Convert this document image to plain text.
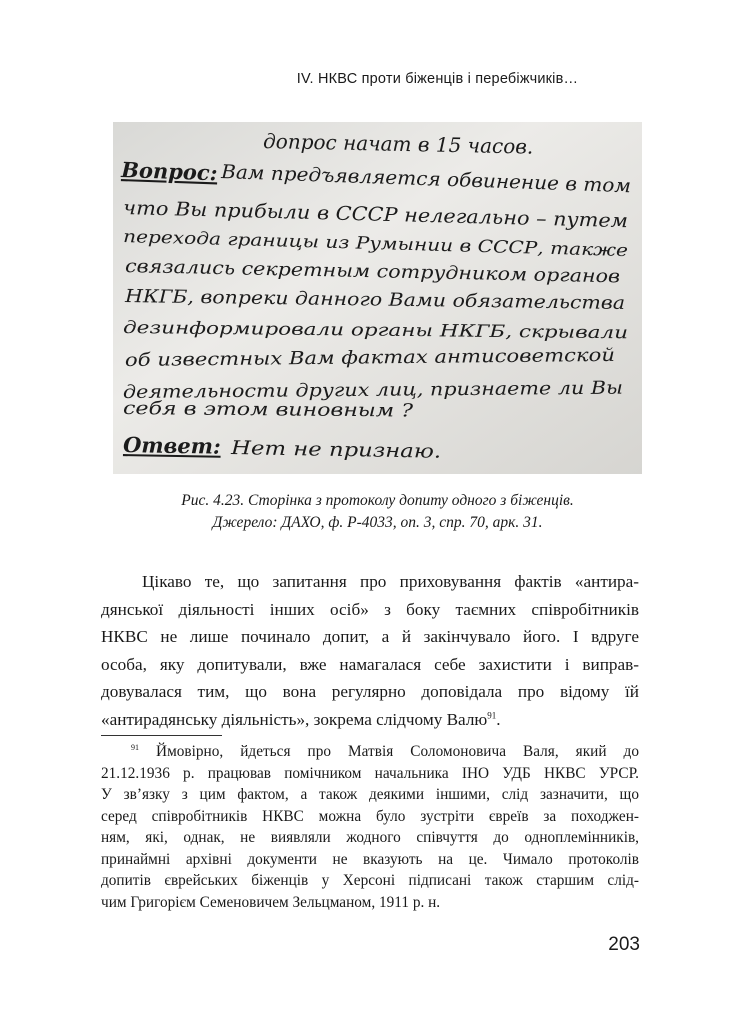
IV. НКВС проти біженців і перебіжчиків…
допрос начат в 15 часов.
Вопрос: Вам предъявляется обвинение в том
что Вы прибыли в СССР нелегально – путем
перехода границы из Румынии в СССР, также
связались секретным сотрудником органов
НКГБ, вопреки данного Вами обязательства
дезинформировали органы НКГБ, скрывали
об известных Вам фактах антисоветской
деятельности других лиц, признаете ли Вы
себя в этом виновным ?
Ответ: Нет не признаю.
Рис. 4.23. Сторінка з протоколу допиту одного з біженців.
Джерело: ДАХО, ф. Р-4033, оп. 3, спр. 70, арк. 31.
Цікаво те, що запитання про приховування фактів «антира-
дянської діяльності інших осіб» з боку таємних співробітників
НКВС не лише починало допит, а й закінчувало його. І вдруге
особа, яку допитували, вже намагалася себе захистити і виправ-
довувалася тим, що вона регулярно доповідала про відому їй
«антирадянську діяльність», зокрема слідчому Валю$^{91}$.
$^{91}$ Ймовірно, йдеться про Матвія Соломоновича Валя, який до
21.12.1936 р. працював помічником начальника ІНО УДБ НКВС УРСР.
У зв’язку з цим фактом, а також деякими іншими, слід зазначити, що
серед співробітників НКВС можна було зустріти євреїв за походжен-
ням, які, однак, не виявляли жодного співчуття до одноплемінників,
принаймні архівні документи не вказують на це. Чимало протоколів
допитів єврейських біженців у Херсоні підписані також старшим слід-
чим Григорієм Семеновичем Зельцманом, 1911 р. н.
203
